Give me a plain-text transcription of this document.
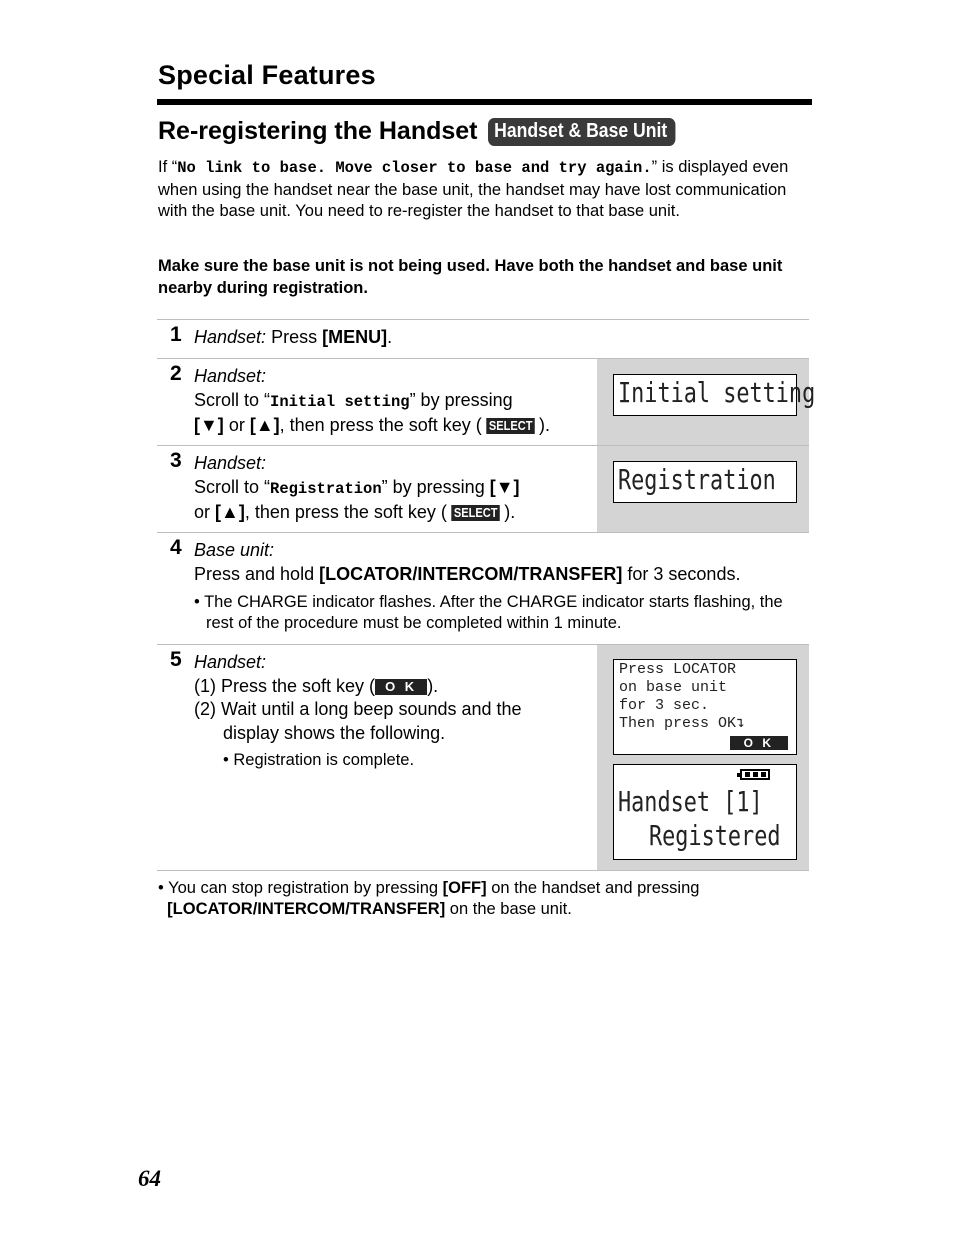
Special Features
Re-registering the Handset Handset & Base Unit
If “No link to base. Move closer to base and try again.” is displayed even when using the handset near the base unit, the handset may have lost communication with the base unit. You need to re-register the handset to that base unit.
Make sure the base unit is not being used. Have both the handset and base unit nearby during registration.
1 Handset: Press [MENU].
2 Handset:
Scroll to “Initial setting” by pressing
[▼] or [▲], then press the soft key ( SELECT ).
Initial setting
3 Handset:
Scroll to “Registration” by pressing [▼]
or [▲], then press the soft key ( SELECT ).
Registration
4 Base unit:
Press and hold [LOCATOR/INTERCOM/TRANSFER] for 3 seconds.
• The CHARGE indicator flashes. After the CHARGE indicator starts flashing, the rest of the procedure must be completed within 1 minute.
5 Handset:
(1) Press the soft key ( O K ).
(2) Wait until a long beep sounds and the
display shows the following.
• Registration is complete.
Press LOCATOR
on base unit
for 3 sec.
Then press OK↴
O K
Handset [1]
Registered
• You can stop registration by pressing [OFF] on the handset and pressing
[LOCATOR/INTERCOM/TRANSFER] on the base unit.
64
